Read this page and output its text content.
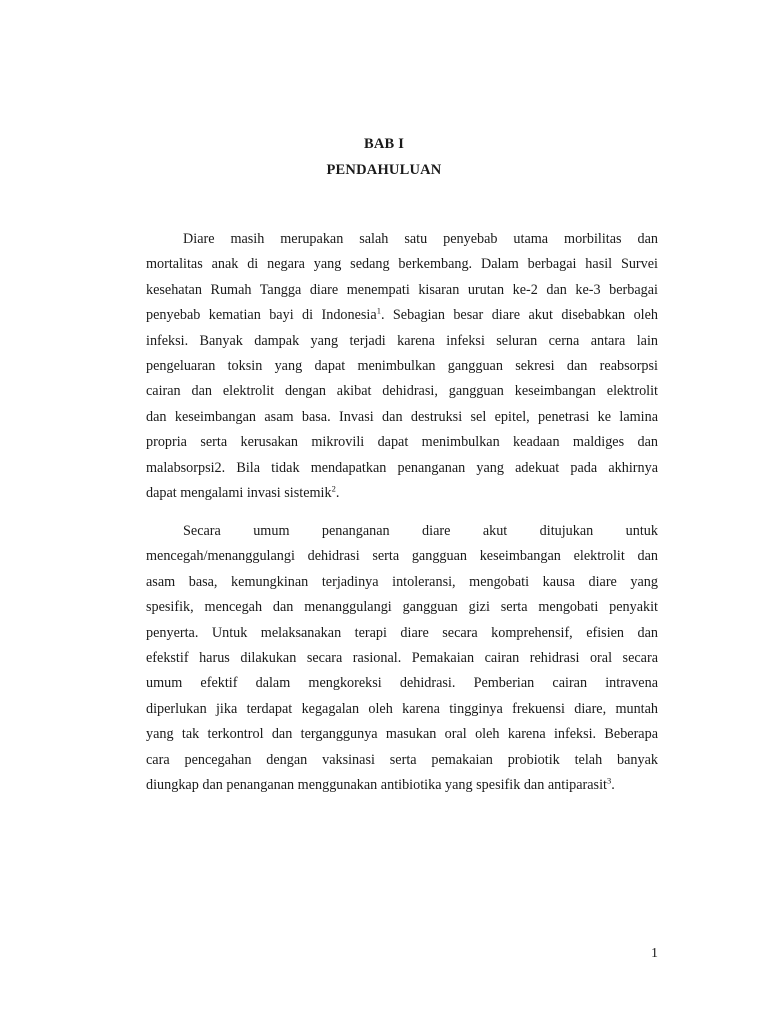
BAB I
PENDAHULUAN

Diare masih merupakan salah satu penyebab utama morbilitas dan
mortalitas anak di negara yang sedang berkembang. Dalam berbagai hasil Survei
kesehatan Rumah Tangga diare menempati kisaran urutan ke-2 dan ke-3 berbagai
penyebab kematian bayi di Indonesia$^1$. Sebagian besar diare akut disebabkan oleh
infeksi. Banyak dampak yang terjadi karena infeksi seluran cerna antara lain
pengeluaran toksin yang dapat menimbulkan gangguan sekresi dan reabsorpsi
cairan dan elektrolit dengan akibat dehidrasi, gangguan keseimbangan elektrolit
dan keseimbangan asam basa. Invasi dan destruksi sel epitel, penetrasi ke lamina
propria serta kerusakan mikrovili dapat menimbulkan keadaan maldiges dan
malabsorpsi2. Bila tidak mendapatkan penanganan yang adekuat pada akhirnya
dapat mengalami invasi sistemik$^2$.

Secara umum penanganan diare akut ditujukan untuk
mencegah/menanggulangi dehidrasi serta gangguan keseimbangan elektrolit dan
asam basa, kemungkinan terjadinya intoleransi, mengobati kausa diare yang
spesifik, mencegah dan menanggulangi gangguan gizi serta mengobati penyakit
penyerta. Untuk melaksanakan terapi diare secara komprehensif, efisien dan
efekstif harus dilakukan secara rasional. Pemakaian cairan rehidrasi oral secara
umum efektif dalam mengkoreksi dehidrasi. Pemberian cairan intravena
diperlukan jika terdapat kegagalan oleh karena tingginya frekuensi diare, muntah
yang tak terkontrol dan terganggunya masukan oral oleh karena infeksi. Beberapa
cara pencegahan dengan vaksinasi serta pemakaian probiotik telah banyak
diungkap dan penanganan menggunakan antibiotika yang spesifik dan antiparasit$^3$.

1
